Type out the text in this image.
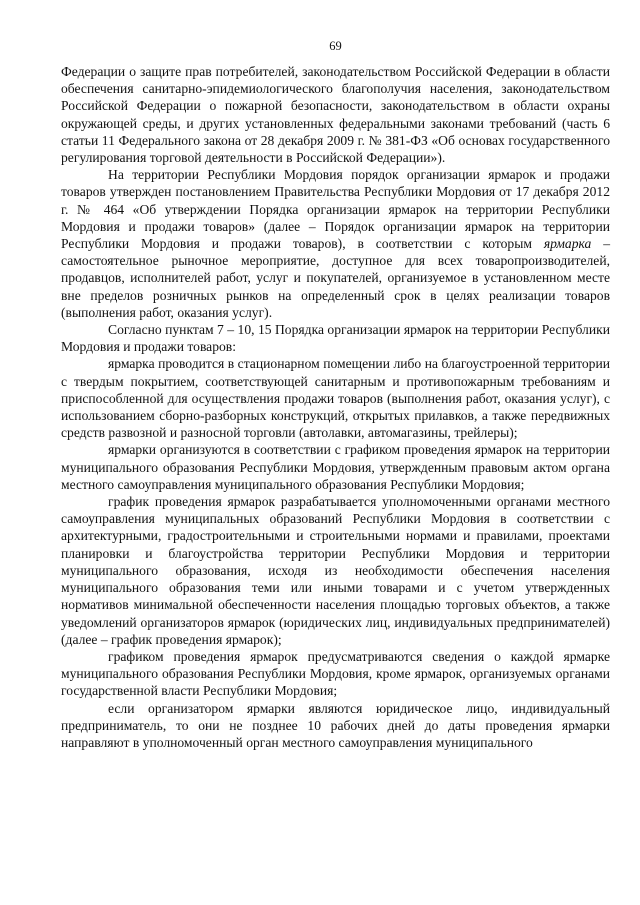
69

Федерации о защите прав потребителей, законодательством Российской Федерации в области обеспечения санитарно-эпидемиологического благополучия населения, законодательством Российской Федерации о пожарной безопасности, законодательством в области охраны окружающей среды, и других установленных федеральными законами требований (часть 6 статьи 11 Федерального закона от 28 декабря 2009 г. № 381-ФЗ «Об основах государственного регулирования торговой деятельности в Российской Федерации»).

На территории Республики Мордовия порядок организации ярмарок и продажи товаров утвержден постановлением Правительства Республики Мордовия от 17 декабря 2012 г. № 464 «Об утверждении Порядка организации ярмарок на территории Республики Мордовия и продажи товаров» (далее – Порядок организации ярмарок на территории Республики Мордовия и продажи товаров), в соответствии с которым ярмарка – самостоятельное рыночное мероприятие, доступное для всех товаропроизводителей, продавцов, исполнителей работ, услуг и покупателей, организуемое в установленном месте вне пределов розничных рынков на определенный срок в целях реализации товаров (выполнения работ, оказания услуг).

Согласно пунктам 7 – 10, 15 Порядка организации ярмарок на территории Республики Мордовия и продажи товаров:

ярмарка проводится в стационарном помещении либо на благоустроенной территории с твердым покрытием, соответствующей санитарным и противопожарным требованиям и приспособленной для осуществления продажи товаров (выполнения работ, оказания услуг), с использованием сборно-разборных конструкций, открытых прилавков, а также передвижных средств развозной и разносной торговли (автолавки, автомагазины, трейлеры);

ярмарки организуются в соответствии с графиком проведения ярмарок на территории муниципального образования Республики Мордовия, утвержденным правовым актом органа местного самоуправления муниципального образования Республики Мордовия;

график проведения ярмарок разрабатывается уполномоченными органами местного самоуправления муниципальных образований Республики Мордовия в соответствии с архитектурными, градостроительными и строительными нормами и правилами, проектами планировки и благоустройства территории Республики Мордовия и территории муниципального образования, исходя из необходимости обеспечения населения муниципального образования теми или иными товарами и с учетом утвержденных нормативов минимальной обеспеченности населения площадью торговых объектов, а также уведомлений организаторов ярмарок (юридических лиц, индивидуальных предпринимателей) (далее – график проведения ярмарок);

графиком проведения ярмарок предусматриваются сведения о каждой ярмарке муниципального образования Республики Мордовия, кроме ярмарок, организуемых органами государственной власти Республики Мордовия;

если организатором ярмарки являются юридическое лицо, индивидуальный предприниматель, то они не позднее 10 рабочих дней до даты проведения ярмарки направляют в уполномоченный орган местного самоуправления муниципального
